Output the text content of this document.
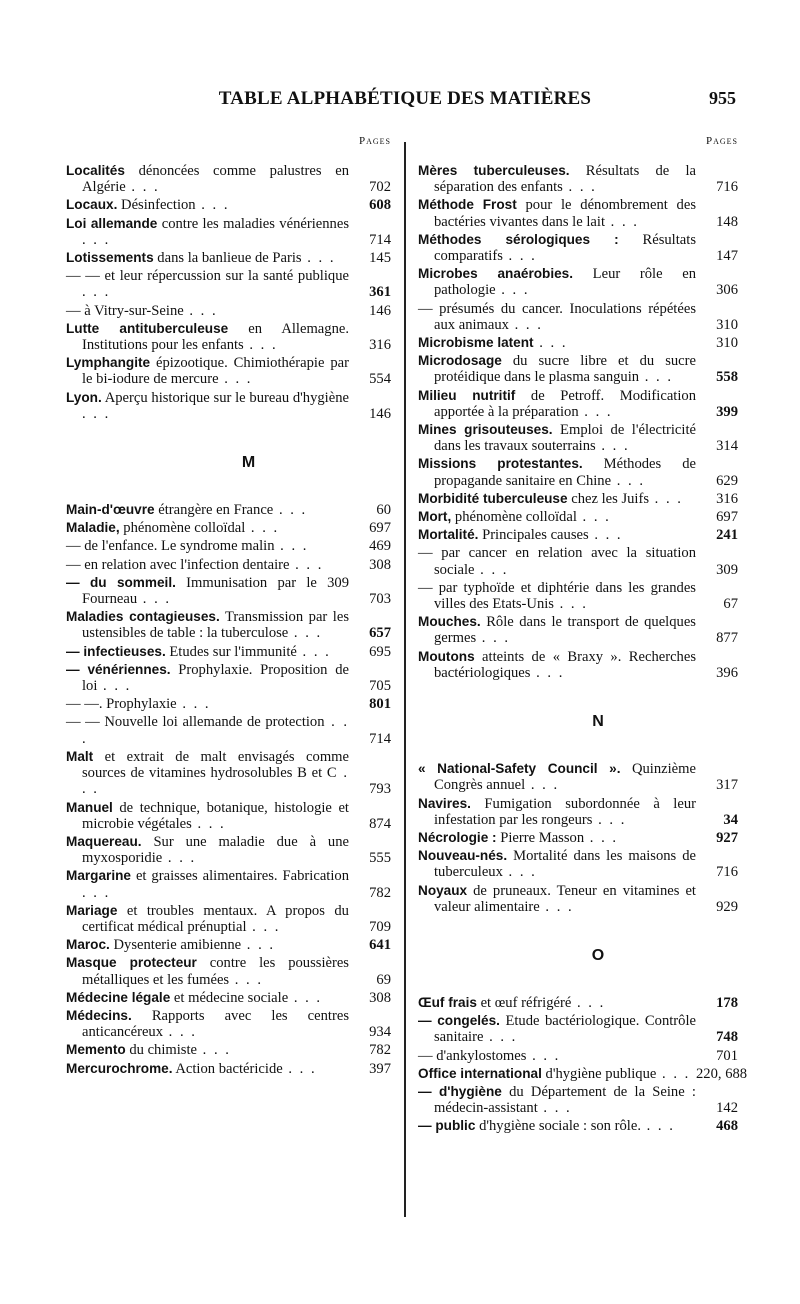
TABLE ALPHABÉTIQUE DES MATIÈRES	955
Pages
Localités dénoncées comme palustres en Algérie . . .	702
Locaux. Désinfection . . .	608
Loi allemande contre les maladies vénériennes . . .	714
Lotissements dans la banlieue de Paris . . .	145
— — et leur répercussion sur la santé publique . . .	361
— à Vitry-sur-Seine . . .	146
Lutte antituberculeuse en Allemagne. Institutions pour les enfants . . .	316
Lymphangite épizootique. Chimiothérapie par le bi-iodure de mercure . . .	554
Lyon. Aperçu historique sur le bureau d'hygiène . . .	146
M
Main-d'œuvre étrangère en France . . .	60
Maladie, phénomène colloïdal . . .	697
— de l'enfance. Le syndrome malin . . .	469
— en relation avec l'infection dentaire . . .	308
— du sommeil. Immunisation par le 309 Fourneau . . .	703
Maladies contagieuses. Transmission par les ustensibles de table : la tuberculose . . .	657
— infectieuses. Etudes sur l'immunité . . .	695
— vénériennes. Prophylaxie. Proposition de loi . . .	705
— —. Prophylaxie . . .	801
— — Nouvelle loi allemande de protection . . .	714
Malt et extrait de malt envisagés comme sources de vitamines hydrosolubles B et C . . .	793
Manuel de technique, botanique, histologie et microbie végétales . . .	874
Maquereau. Sur une maladie due à une myxosporidie . . .	555
Margarine et graisses alimentaires. Fabrication . . .	782
Mariage et troubles mentaux. A propos du certificat médical prénuptial . . .	709
Maroc. Dysenterie amibienne . . .	641
Masque protecteur contre les poussières métalliques et les fumées . . .	69
Médecine légale et médecine sociale . . .	308
Médecins. Rapports avec les centres anticancéreux . . .	934
Memento du chimiste . . .	782
Mercurochrome. Action bactéricide . . .	397
Pages
Mères tuberculeuses. Résultats de la séparation des enfants . . .	716
Méthode Frost pour le dénombrement des bactéries vivantes dans le lait . . .	148
Méthodes sérologiques : Résultats comparatifs . . .	147
Microbes anaérobies. Leur rôle en pathologie . . .	306
— présumés du cancer. Inoculations répétées aux animaux . . .	310
Microbisme latent . . .	310
Microdosage du sucre libre et du sucre protéidique dans le plasma sanguin . . .	558
Milieu nutritif de Petroff. Modification apportée à la préparation . . .	399
Mines grisouteuses. Emploi de l'électricité dans les travaux souterrains . . .	314
Missions protestantes. Méthodes de propagande sanitaire en Chine . . .	629
Morbidité tuberculeuse chez les Juifs . . .	316
Mort, phénomène colloïdal . . .	697
Mortalité. Principales causes . . .	241
— par cancer en relation avec la situation sociale . . .	309
— par typhoïde et diphtérie dans les grandes villes des Etats-Unis . . .	67
Mouches. Rôle dans le transport de quelques germes . . .	877
Moutons atteints de « Braxy ». Recherches bactériologiques . . .	396
N
« National-Safety Council ». Quinzième Congrès annuel . . .	317
Navires. Fumigation subordonnée à leur infestation par les rongeurs . . .	34
Nécrologie : Pierre Masson . . .	927
Nouveau-nés. Mortalité dans les maisons de tuberculeux . . .	716
Noyaux de pruneaux. Teneur en vitamines et valeur alimentaire . . .	929
O
Œuf frais et œuf réfrigéré . . .	178
— congelés. Etude bactériologique. Contrôle sanitaire . . .	748
— d'ankylostomes . . .	701
Office international d'hygiène publique . . . 220, 688
— d'hygiène du Département de la Seine : médecin-assistant . . .	142
— public d'hygiène sociale : son rôle. . . .	468
